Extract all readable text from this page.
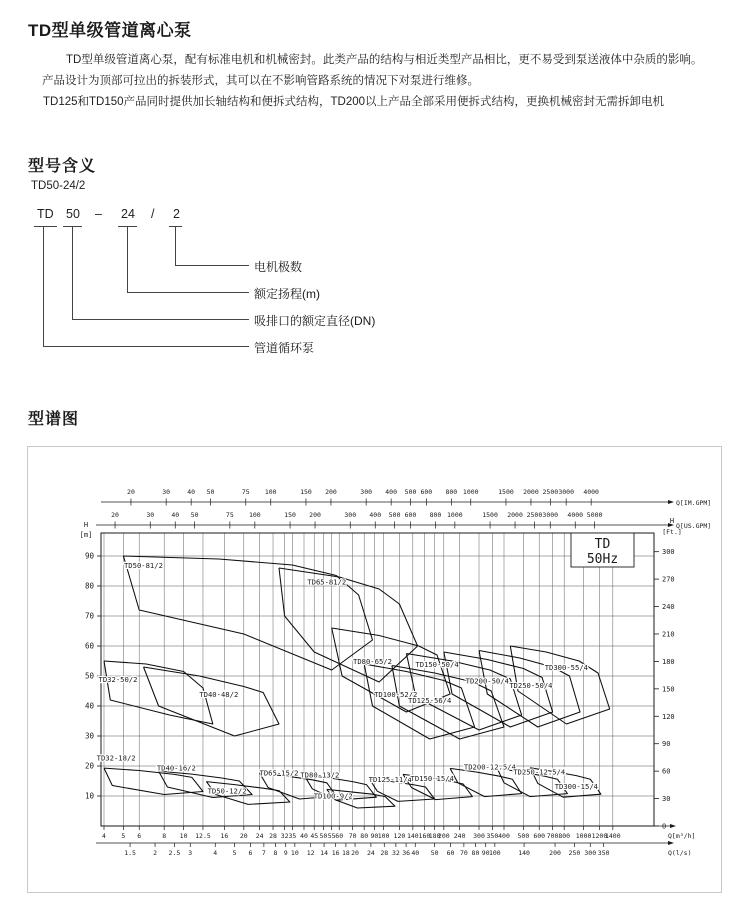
TD型单级管道离心泵
TD型单级管道离心泵，配有标准电机和机械密封。此类产品的结构与相近类型产品相比，更不易受到泵送液体中杂质的影响。
产品设计为顶部可拉出的拆装形式，其可以在不影响管路系统的情况下对泵进行维修。
TD125和TD150产品同时提供加长轴结构和便拆式结构，TD200以上产品全部采用便拆式结构，更换机械密封无需拆卸电机
型号含义
TD50-24/2
TD 50 – 24 / 2
电机极数
额定扬程(m)
吸排口的额定直径(DN)
管道循环泵
型谱图
20	30	40 50	75 100	150 200	300 400 500 600 800 1000	1500 2000 2500 3000 4000
Q[IM.GPM]
20	30	40 50	75 100	150 200	300 400 500 600 800 1000	1500 2000 2500 3000 4000 5000
Q[US.GPM]
10
20
30
40
50
60
70
80
90
H
[m]
0
30
60
90
120
150
180
210
240
270
300
H
[Ft.]
4 5 6	8 10 12.5 16 20 24 28 32 35 40 45 50 55 60 70 80 90 100 120 140 160
180
200 240 300 350 400 500 600 700 800 1000 1200
1400	Q[m³/h]
1.5	2 2.5 3	4 5 6 7 8 9 10 12 14 16 18 20 24 28 32 36 40 50 60 70 80 90 100	140	200 250 300 350	Q(l/s)
TD50-81/2
TD65-81/2
TD32-50/2
TD40-48/2
TD80-65/2
TD100-52/2
TD125-56/4
TD150-50/4
TD200-50/4 TD250-50/4
TD300-55/4
TD32-18/2
TD40-16/2
TD50-12/2
TD65-15/2 TD80-13/2
TD100-9/2
TD125-11/4
TD150-15/4
TD200-12.5/4
TD250-12.5/4
TD300-15/4
TD
50Hz
